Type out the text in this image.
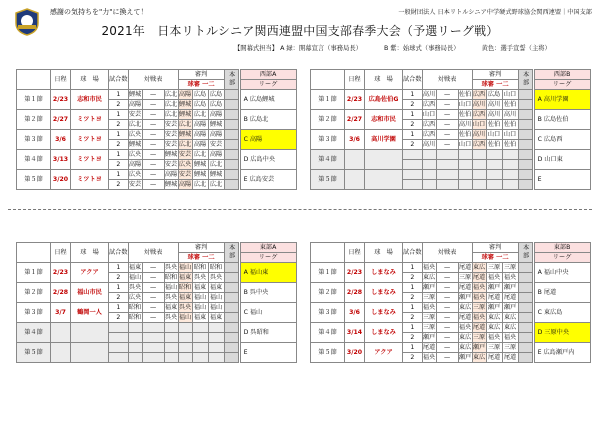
感謝の気持ちを"力"に換えて！	一般財団法人 日本リトルシニア中学硬式野球協会関西連盟｜中国支部
2021年　日本リトルシニア関西連盟中国支部春季大会（予選リーグ戦）
【開幕式担当】 A 緑：開幕宣言（事務局長）	B 紫：始球式（事務局長）	黄色：選手宣誓（主将）
	日程	球　場	試合数	対戦表			審判			本部		西部A
							球審 一二					リーグ
第１節	2/23	志和市民	1	鯉城	—	広北	高陽	広島	広島			A 広島鯉城
			2	高陽	—	広北	鯉城	広島	広島			
第２節	2/27	ミツトヨ	1	安芸	—	広北	鯉城	広北	高陽			B 広島北
			2	広北	—	安芸	広北	高陽	鯉城			
第３節	3/6	ミツトヨ	1	広央	—	安芸	鯉城	高陽	高陽			C 高陽
			2	鯉城	—	安芸	広北	高陽	安芸			
第４節	3/13	ミツトヨ	1	広央	—	鯉城	安芸	広北	高陽			D 広島中央
			2	高陽	—	安芸	広央	鯉城	広北			
第５節	3/20	ミツトヨ	1	広央	—	高陽	安芸	鯉城	鯉城			E 広島安芸
			2	安芸	—	鯉城	高陽	広北	広北			
	日程	球　場	試合数	対戦表			審判			本部		西部B
							球審 一二					リーグ
第１節	2/23	広島佐伯G	1	高川	—	佐伯	広西	広島	山口			A 高川学園
			2	広西	—	山口	高川	高川	佐伯			
第２節	2/27	志和市民	1	山口	—	佐伯	広西	高川	高川			B 広島佐伯
			2	広西	—	高川	山口	佐伯	佐伯			
第３節	3/6	高川学園	1	広西	—	佐伯	高川	山口	山口			C 広島西
			2	高川	—	山口	広西	佐伯	佐伯			
第４節												D 山口東

第５節												E

	日程	球　場	試合数	対戦表			審判			本部		東部A
							球審 一二					リーグ
第１節	2/23	アクア	1	福東	—	呉央	福山	昭和	昭和			A 福山東
			2	福山	—	昭和	福東	呉央	呉央			
第２節	2/28	福山市民	1	呉央	—	福山	昭和	福東	福東			B 呉中央
			2	広央	—	呉央	福東	福山	福山			
第３節	3/7	鶴岡一人	1	昭和	—	福東	呉央	福山	福山			C 福山
			2	昭和	—	呉央	福山	福東	福東			
第４節												D 呉昭和

第５節												E

	日程	球　場	試合数	対戦表			審判			本部		東部B
							球審 一二					リーグ
第１節	2/23	しまなみ	1	福央	—	尾道	東広	三原	三原			A 福山中央
			2	東広	—	三原	尾道	福央	福央			
第２節	2/28	しまなみ	1	瀬戸	—	尾道	福央	瀬戸	瀬戸			B 尾道
			2	三原	—	瀬戸	福央	尾道	尾道			
第３節	3/6	しまなみ	1	福央	—	東広	三原	瀬戸	瀬戸			C 東広島
			2	三原	—	尾道	福央	東広	東広			
第４節	3/14	しまなみ	1	三原	—	福央	尾道	東広	東広			D 三原中央
			2	瀬戸	—	東広	三原	福央	福央			
第５節	3/20	アクア	1	尾道	—	東広	瀬戸	三原	三原			E 広島瀬戸内
			2	福央	—	瀬戸	東広	尾道	尾道			
